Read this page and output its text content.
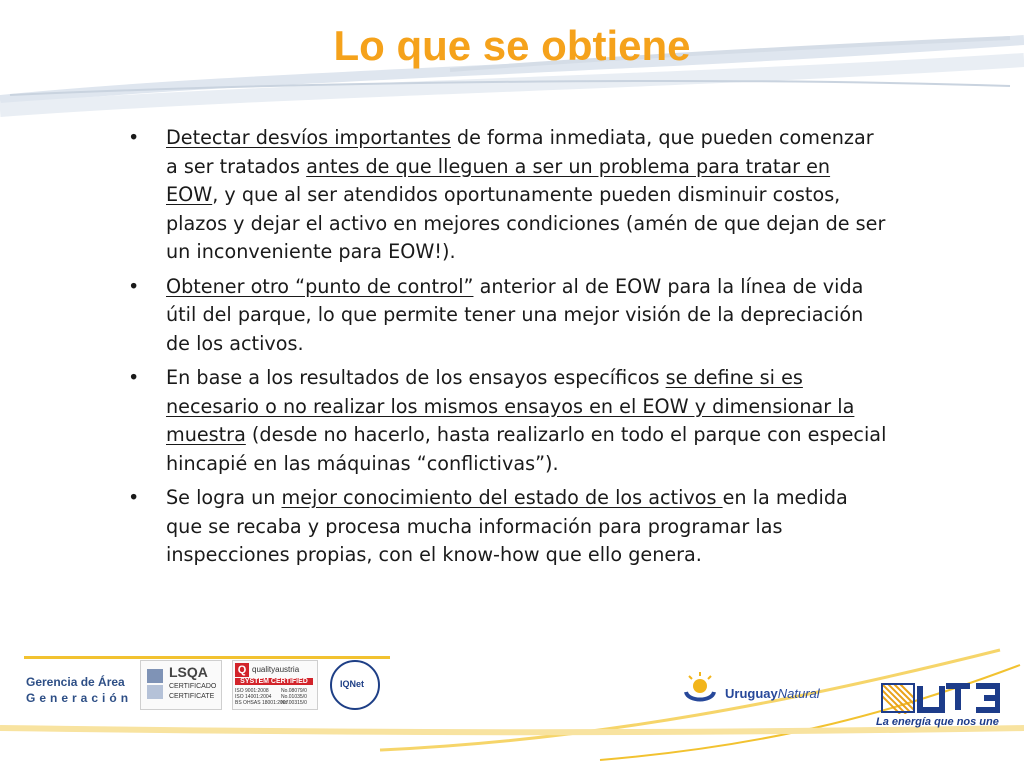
Lo que se obtiene
• Detectar desvíos importantes de forma inmediata, que pueden comenzar a ser tratados antes de que lleguen a ser un problema para tratar en EOW, y que al ser atendidos oportunamente pueden disminuir costos, plazos y dejar el activo en mejores condiciones (amén de que dejan de ser un inconveniente para EOW!).
• Obtener otro “punto de control” anterior al de EOW para la línea de vida útil del parque, lo que permite tener una mejor visión de la depreciación de los activos.
• En base a los resultados de los ensayos específicos se define si es necesario o no realizar los mismos ensayos en el EOW y dimensionar la muestra (desde no hacerlo, hasta realizarlo en todo el parque con especial hincapié en las máquinas “conflictivas”).
• Se logra un mejor conocimiento del estado de los activos en la medida que se recaba y procesa mucha información para programar las inspecciones propias, con el know-how que ello genera.
Gerencia de Área
Generación
LSQA
CERTIFICADO
CERTIFICATE
Q qualityaustria
SYSTEM CERTIFIED
ISO 9001:2008
ISO 14001:2004
BS OHSAS 18001:2007
No.08079/0
No.01035/0
No.00315/0
IQNet
UruguayNatural
La energía que nos une
